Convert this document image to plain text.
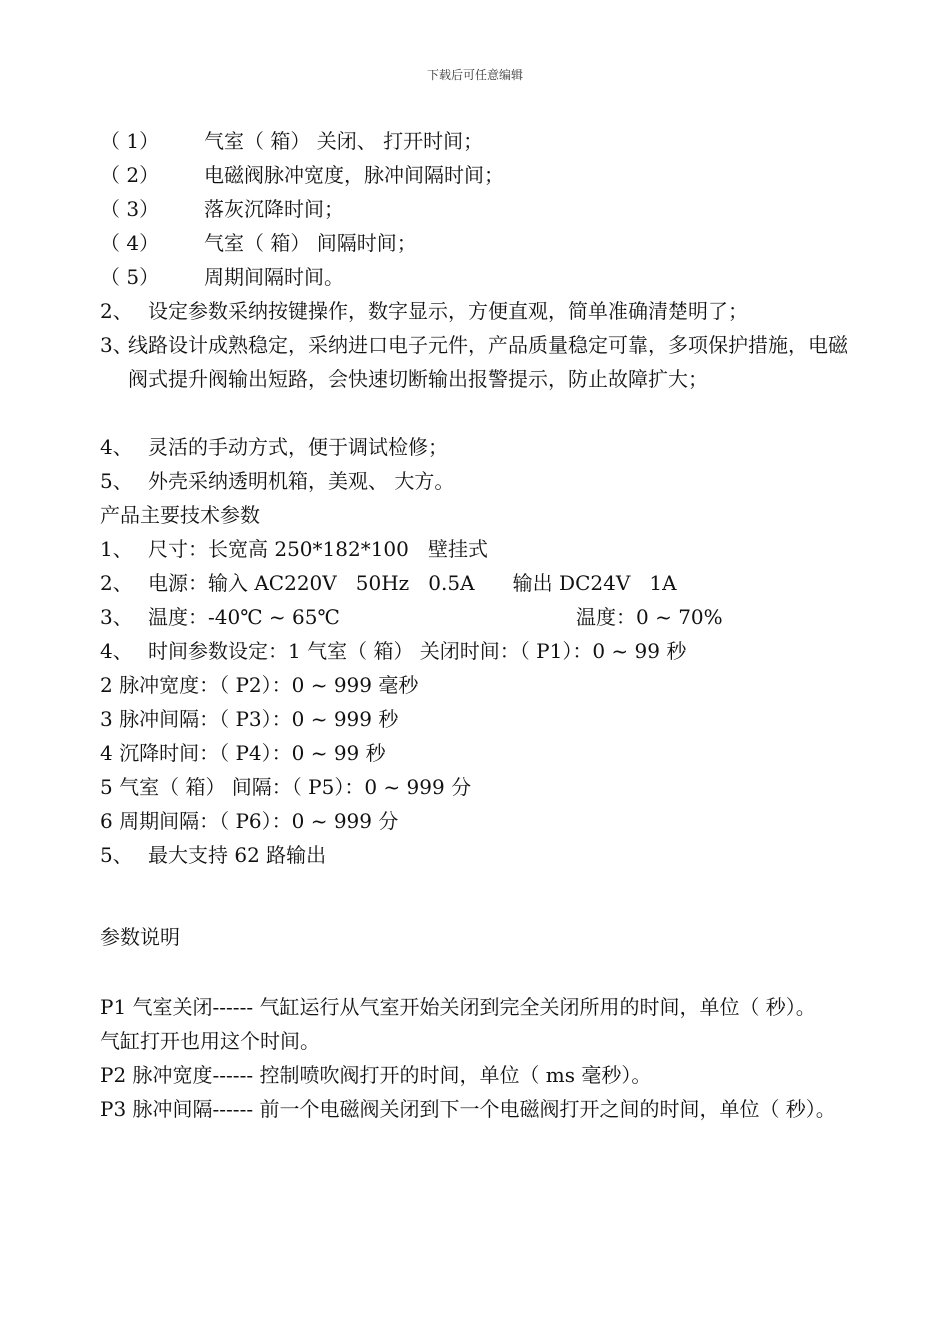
下载后可任意编辑
（ 1）	气室（ 箱） 关闭、 打开时间；
（ 2）	电磁阀脉冲宽度，脉冲间隔时间；
（ 3）	落灰沉降时间；
（ 4）	气室（ 箱） 间隔时间；
（ 5）	周期间隔时间。
2、 设定参数采纳按键操作，数字显示，方便直观，简单准确清楚明了；
3、
线路设计成熟稳定，采纳进口电子元件，产品质量稳定可靠，多项保护措施，电磁阀式提升阀输出短路，会快速切断输出报警提示，防止故障扩大；
4、 灵活的手动方式，便于调试检修；
5、 外壳采纳透明机箱，美观、 大方。
产品主要技术参数
1、 尺寸：长宽高 250*182*100   壁挂式
2、 电源：输入 AC220V   50Hz   0.5A      输出 DC24V   1A
3、 温度：-40℃ ~ 65℃	温度：0 ~ 70%
4、 时间参数设定：1 气室（ 箱） 关闭时间：（ P1）：0 ~ 99 秒
2 脉冲宽度：（ P2）：0 ~ 999 毫秒
3 脉冲间隔：（ P3）：0 ~ 999 秒
4 沉降时间：（ P4）：0 ~ 99 秒
5 气室（ 箱） 间隔：（ P5）：0 ~ 999 分
6 周期间隔：（ P6）：0 ~ 999 分
5、 最大支持 62 路输出
参数说明
P1 气室关闭------ 气缸运行从气室开始关闭到完全关闭所用的时间，单位（ 秒）。
气缸打开也用这个时间。
P2 脉冲宽度------ 控制喷吹阀打开的时间，单位（ ms 毫秒）。
P3 脉冲间隔------ 前一个电磁阀关闭到下一个电磁阀打开之间的时间，单位（ 秒）。
